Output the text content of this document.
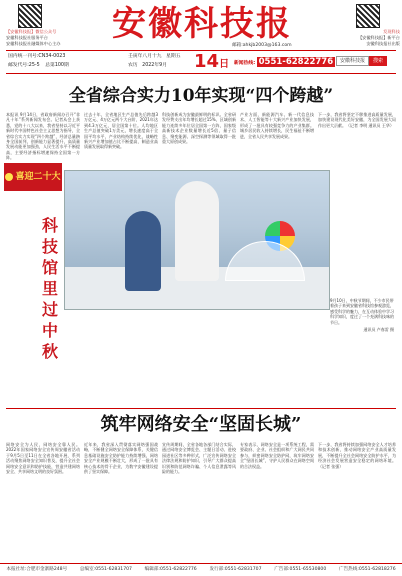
【安徽科技报】微信公众号
安徽科技报社服务平台
安徽科技报社融媒体中心主办	安徽科技报	发现科技
【安徽科技报】新平台
安徽科技报社出版
国内统一刊号:CN34-0023
邮发代号:25-5 总第100期
壬寅年八月十九 星期五
农历 2022年9月 14日 新闻热线: 0551-62822776	安徽科技报	搜索
邮箱:ahkjb2003@163.com
全省综合实力10年实现“四个跨越”

本报讯 9月14日，省政府新闻办召开“非凡十年”系列新闻发布会。记者从会上获悉，党的十八大以来，我省坚持以习近平新时代中国特色社会主义思想为指导，全省综合实力实现“四个跨越”，经济总量跻身全国前列，创新能力显著提升，高质量发展动能更加强劲，人民生活水平不断提高，主要经济指标增速保持全国第一方阵。

过去十年，全省地区生产总值先后跨越3万亿元、4万亿元两个大台阶，2021年达到4.3万亿元，居全国第十位。人均地区生产总值突破1万美元，增长速度高于全国平均水平，产业结构持续优化，战略性新兴产业增加值占比不断提高，制造业高质量发展取得新突破。

科技创新成为安徽最鲜明的标识。全省研发经费支出年均增长超过15%，区域创新能力连续多年位居全国第一方阵，国家级高新技术企业数量增长近5倍，量子信息、聚变能源、深空探测等领域取得一批重大原创成果。

产业方面，新能源汽车、新一代信息技术、人工智能等十大新兴产业加快发展，形成了一批具有较强竞争力的产业集群。城乡居民收入持续增长，民生福祉不断增进，全省人民共享发展成果。

下一步，我省将坚定不移推进高质量发展，加快建设现代化美好安徽，为全国发展大局作出更大贡献。（记者 李明 通讯员 王华）

喜迎二十大
科技馆里过中秋

9月10日，中秋节期间，不少市民带着孩子来到安徽省科技馆参观游览，感受科学的魅力，在互动体验中学习科学知识，度过了一个充满科技味的节日。

通讯员 卢春雷 摄

筑牢网络安全“坚固长城”

网络安全为人民，网络安全靠人民。2022年国家网络安全宣传周安徽省活动于9月5日至11日在全省各地开展，系列活动聚焦网络安全知识普及，提升全社会网络安全意识和防护技能，营造共建网络安全、共享网络文明的良好氛围。

近年来，我省深入贯彻落实网络强国战略，不断健全网络安全保障体系，关键信息基础设施安全防护能力持续增强，网络安全产业规模不断壮大，形成了一批具有核心技术的骨干企业，为数字安徽建设提供了坚实保障。

宣传周期间，全省各地各部门结合实际，通过网络安全博览会、主题日活动、进校园进社区等多种形式，广泛宣传网络安全法律法规和防护知识，引导广大群众提高识别和防范网络诈骗、个人信息泄露等风险的能力。

专家表示，网络安全是一项系统工程，需要政府、企业、社会组织和广大网民共同参与，织密网络安全防护网，筑牢网络安全“坚固长城”，守护人民群众在网络空间的合法权益。

下一步，我省将持续加强网络安全人才培养和技术创新，推动网络安全产业高质量发展，不断提升全社会网络安全防护水平，为经济社会发展营造安全稳定的网络环境。（记者 张强）

本报社址:合肥市金寨路248号	总编室:0551-62831707	编辑部:0551-62822776	发行部:0551-62831707	广告部:0551-65530800	广告热线:0551-62818276
